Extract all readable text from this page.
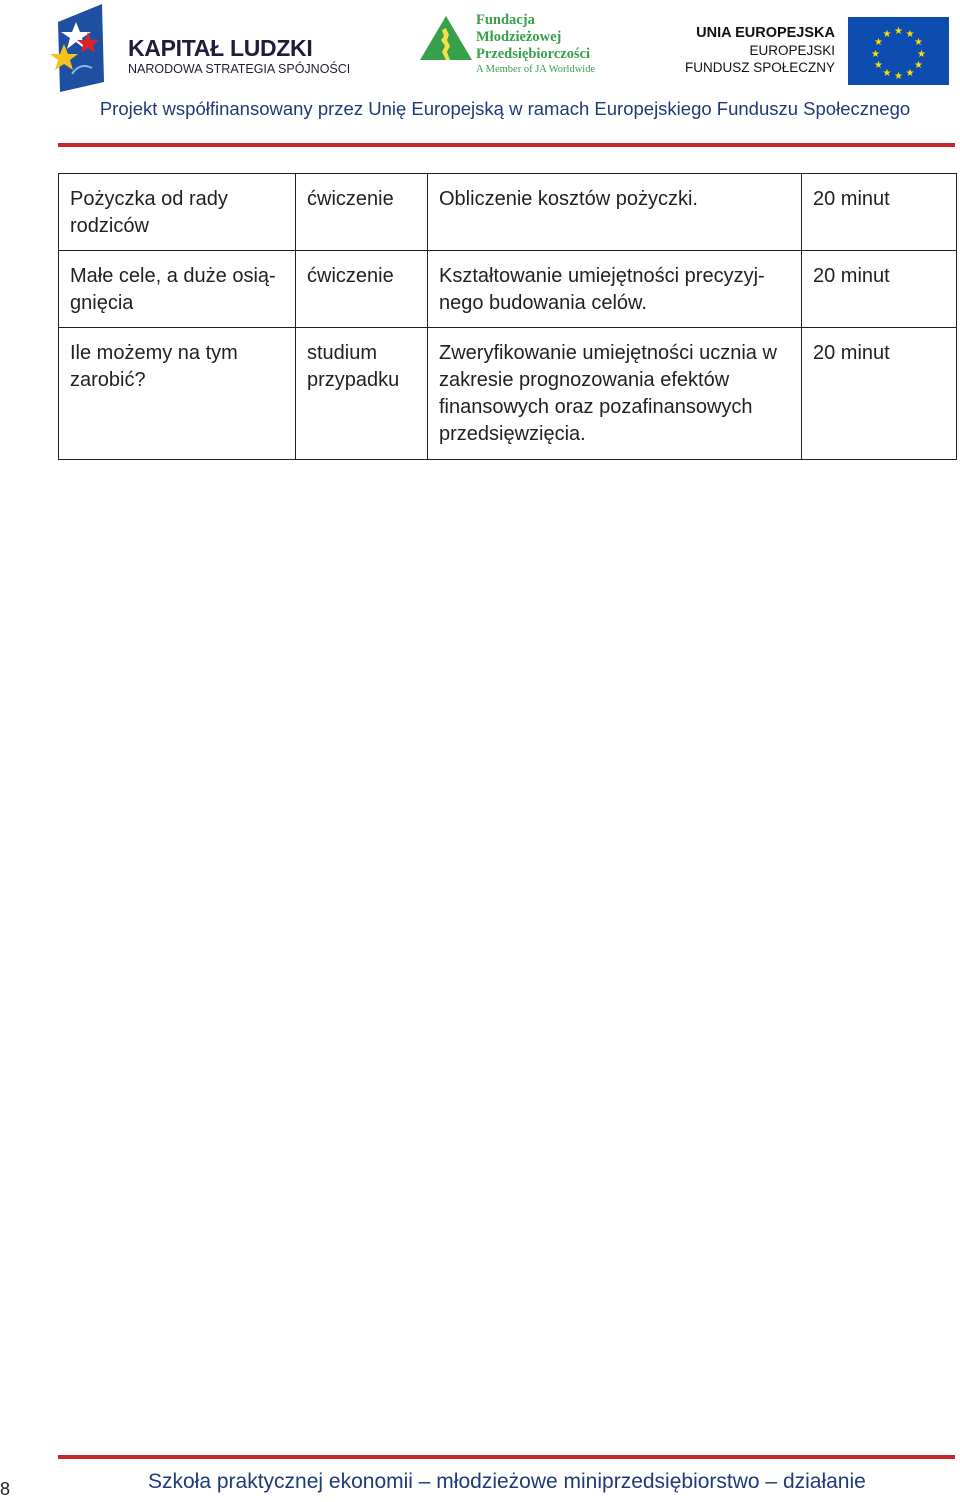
KAPITAŁ LUDZKI
NARODOWA STRATEGIA SPÓJNOŚCI
Fundacja
Młodzieżowej
Przedsiębiorczości
A Member of JA Worldwide
UNIA EUROPEJSKA
EUROPEJSKI
FUNDUSZ SPOŁECZNY
★ ★
★
★
★
★
★
★
★
★
★
★
Projekt współfinansowany przez Unię Europejską w ramach Europejskiego Funduszu Społecznego
Pożyczka od rady rodziców	ćwiczenie	Obliczenie kosztów pożyczki.	20 minut
Małe cele, a duże osią-gnięcia	ćwiczenie	Kształtowanie umiejętności precyzyj-nego budowania celów.	20 minut
Ile możemy na tym zarobić?	studium przypadku	Zweryfikowanie umiejętności ucznia w zakresie prognozowania efektów finansowych oraz pozafinansowych przedsięwzięcia.	20 minut
8	Szkoła praktycznej ekonomii – młodzieżowe miniprzedsiębiorstwo – działanie
